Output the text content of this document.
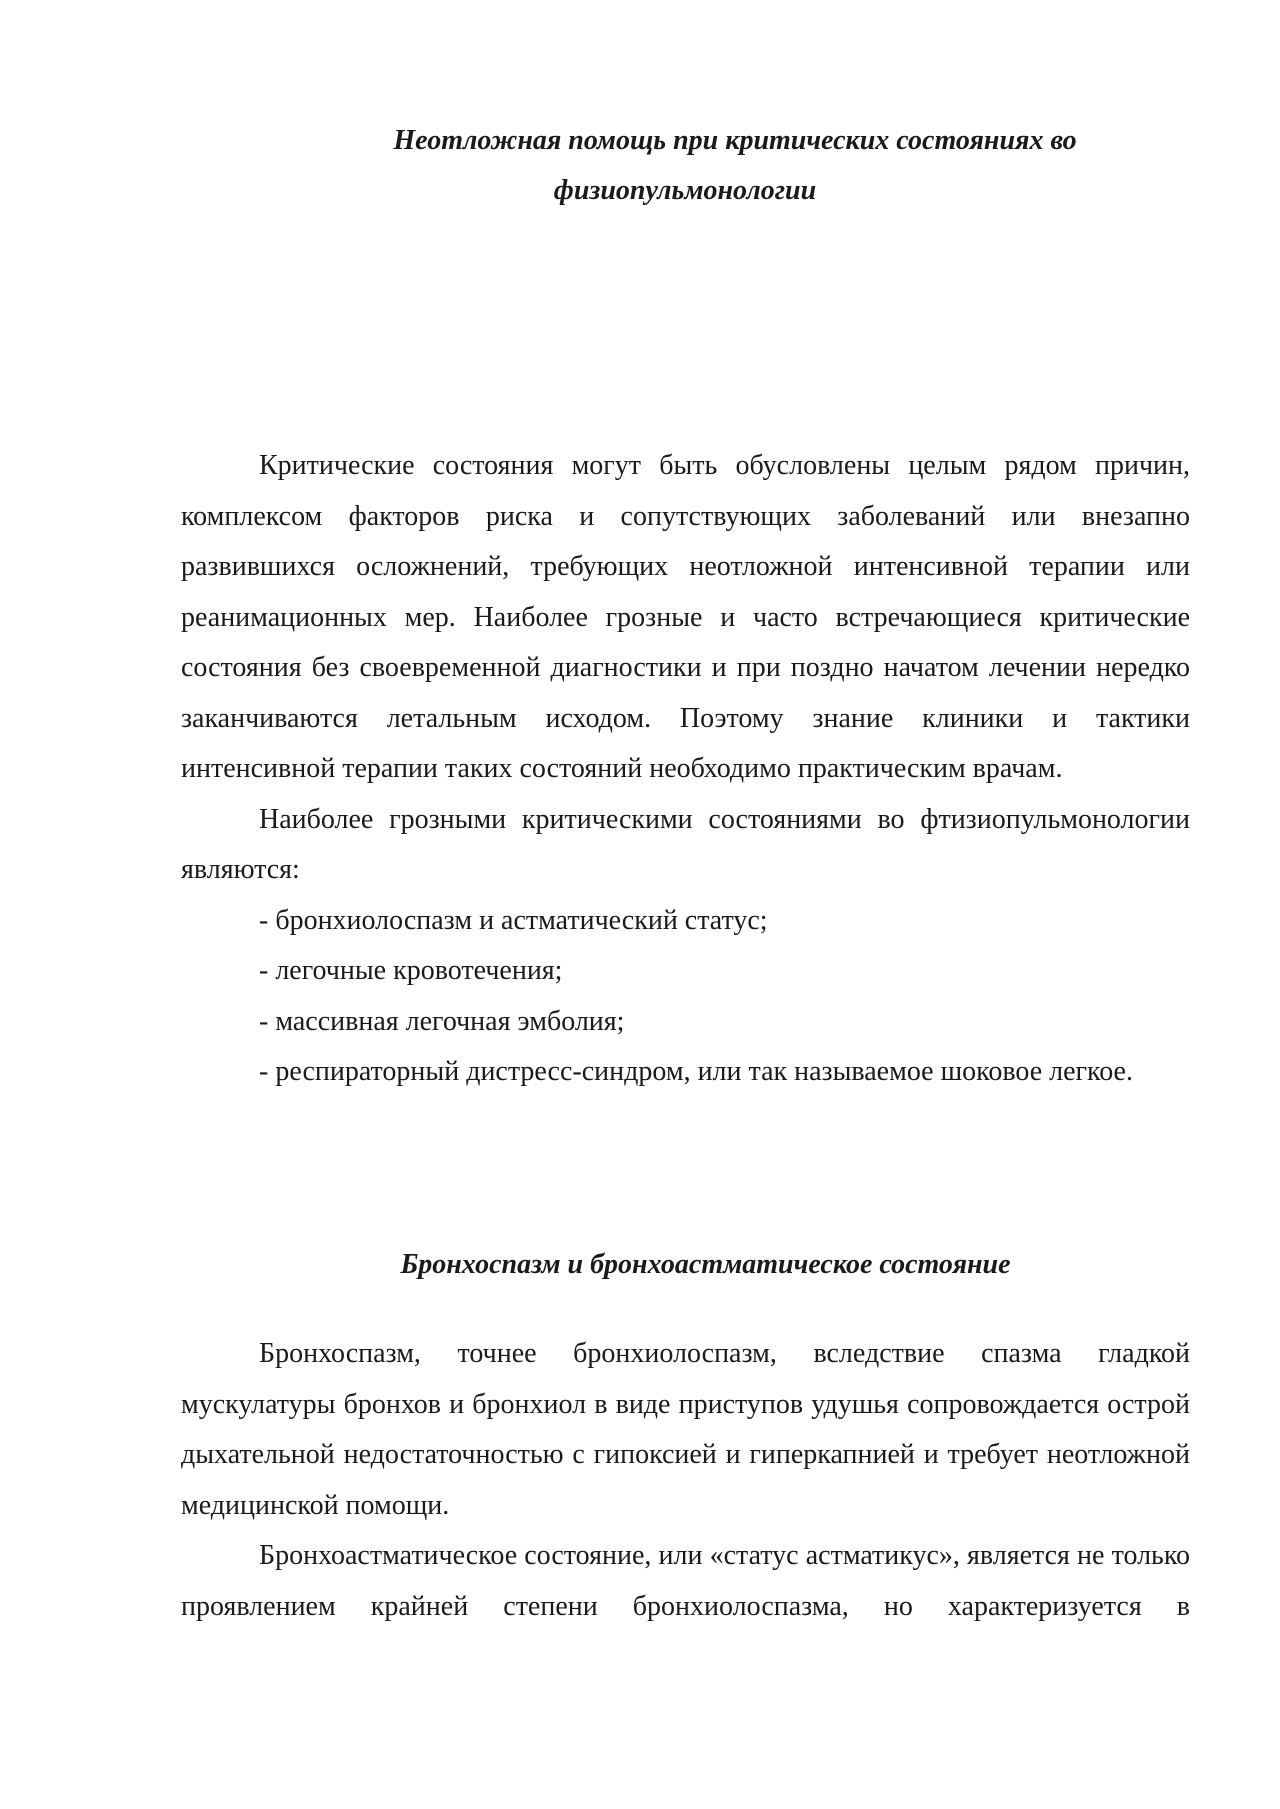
Неотложная помощь при критических состояниях во
физиопульмонологии

Критические состояния могут быть обусловлены целым рядом причин, комплексом факторов риска и сопутствующих заболеваний или внезапно развившихся осложнений, требующих неотложной интенсивной терапии или реанимационных мер. Наиболее грозные и часто встречающиеся критические состояния без своевременной диагностики и при поздно начатом лечении нередко заканчиваются летальным исходом. Поэтому знание клиники и тактики интенсивной терапии таких состояний необходимо практическим врачам.

Наиболее грозными критическими состояниями во фтизиопульмонологии являются:

- бронхиолоспазм и астматический статус;

- легочные кровотечения;

- массивная легочная эмболия;

- респираторный дистресс-синдром, или так называемое шоковое легкое.

Бронхоспазм и бронхоастматическое состояние

Бронхоспазм, точнее бронхиолоспазм, вследствие спазма гладкой мускулатуры бронхов и бронхиол в виде приступов удушья сопровождается острой дыхательной недостаточностью с гипоксией и гиперкапнией и требует неотложной медицинской помощи.

Бронхоастматическое состояние, или «статус астматикус», является не только проявлением крайней степени бронхиолоспазма, но характеризуется в
